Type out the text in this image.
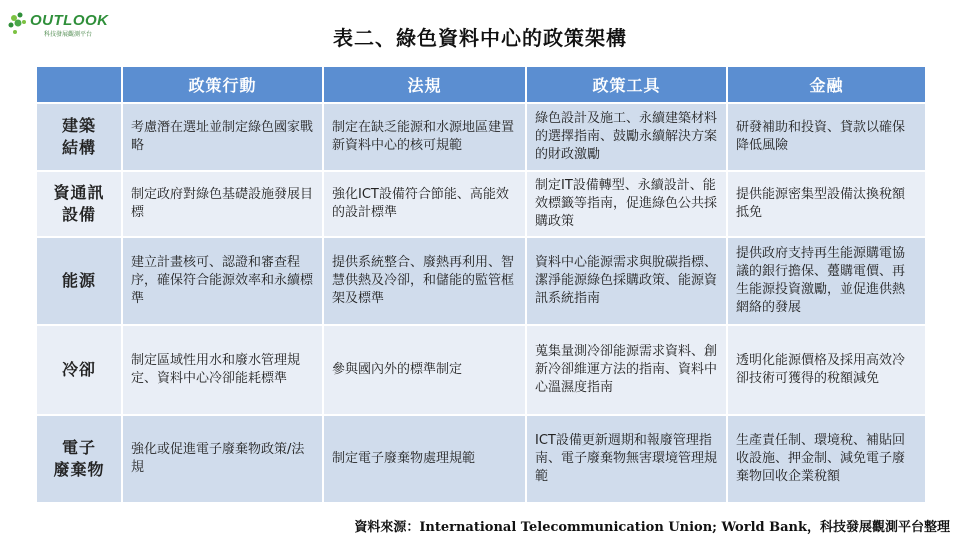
OUTLOOK
科技發展觀測平台	表二、綠色資料中心的政策架構
	政策行動	法規	政策工具	金融
建築
結構	考慮潛在選址並制定綠色國家戰略	制定在缺乏能源和水源地區建置新資料中心的核可規範	綠色設計及施工、永續建築材料的選擇指南、鼓勵永續解決方案的財政激勵	研發補助和投資、貸款以確保降低風險
資通訊
設備	制定政府對綠色基礎設施發展目標	強化ICT設備符合節能、高能效的設計標準	制定IT設備轉型、永續設計、能效標籤等指南，促進綠色公共採購政策	提供能源密集型設備汰換稅額抵免
能源	建立計畫核可、認證和審查程序，確保符合能源效率和永續標準	提供系統整合、廢熱再利用、智慧供熱及冷卻，和儲能的監管框架及標準	資料中心能源需求與脫碳指標、潔淨能源綠色採購政策、能源資訊系統指南	提供政府支持再生能源購電協議的銀行擔保、躉購電價、再生能源投資激勵，並促進供熱網絡的發展
冷卻	制定區域性用水和廢水管理規定、資料中心冷卻能耗標準	參與國內外的標準制定	蒐集量測冷卻能源需求資料、創新冷卻維運方法的指南、資料中心溫濕度指南	透明化能源價格及採用高效冷卻技術可獲得的稅額減免
電子
廢棄物	強化或促進電子廢棄物政策/法規	制定電子廢棄物處理規範	ICT設備更新週期和報廢管理指南、電子廢棄物無害環境管理規範	生產責任制、環境稅、補貼回收設施、押金制、減免電子廢棄物回收企業稅額
資料來源：International Telecommunication Union; World Bank，科技發展觀測平台整理
